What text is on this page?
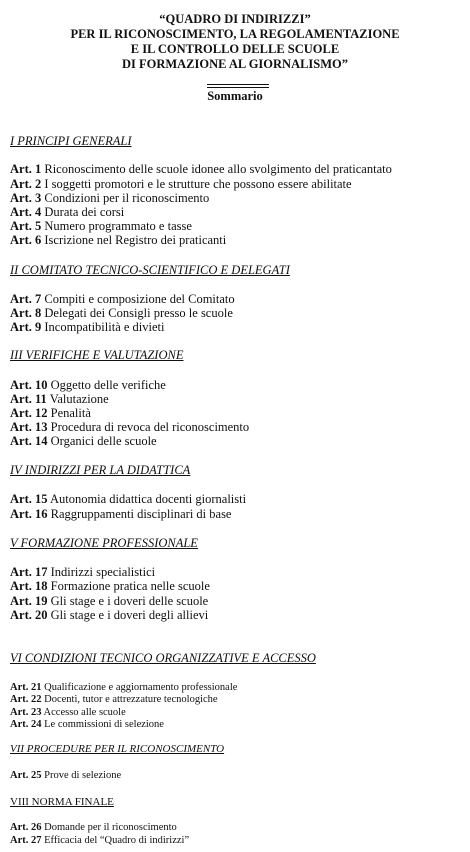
“QUADRO DI INDIRIZZI”
PER IL RICONOSCIMENTO, LA REGOLAMENTAZIONE
E IL CONTROLLO DELLE SCUOLE
DI FORMAZIONE AL GIORNALISMO”
Sommario
I PRINCIPI GENERALI
Art. 1 Riconoscimento delle scuole idonee allo svolgimento del praticantato
Art. 2 I soggetti promotori e le strutture che possono essere abilitate
Art. 3 Condizioni per il riconoscimento
Art. 4 Durata dei corsi
Art. 5 Numero programmato e tasse
Art. 6 Iscrizione nel Registro dei praticanti
II COMITATO TECNICO-SCIENTIFICO E DELEGATI
Art. 7 Compiti e composizione del Comitato
Art. 8 Delegati dei Consigli presso le scuole
Art. 9 Incompatibilità e divieti
III VERIFICHE E VALUTAZIONE
Art. 10 Oggetto delle verifiche
Art. 11 Valutazione
Art. 12 Penalità
Art. 13 Procedura di revoca del riconoscimento
Art. 14 Organici delle scuole
IV INDIRIZZI PER LA DIDATTICA
Art. 15 Autonomia didattica docenti giornalisti
Art. 16 Raggruppamenti disciplinari di base
V FORMAZIONE PROFESSIONALE
Art. 17 Indirizzi specialistici
Art. 18 Formazione pratica nelle scuole
Art. 19 Gli stage e i doveri delle scuole
Art. 20 Gli stage e i doveri degli allievi
VI CONDIZIONI TECNICO ORGANIZZATIVE E ACCESSO
Art. 21 Qualificazione e aggiornamento professionale
Art. 22 Docenti, tutor e attrezzature tecnologiche
Art. 23 Accesso alle scuole
Art. 24 Le commissioni di selezione
VII PROCEDURE PER IL RICONOSCIMENTO
Art. 25 Prove di selezione
VIII NORMA FINALE
Art. 26 Domande per il riconoscimento
Art. 27 Efficacia del “Quadro di indirizzi”
